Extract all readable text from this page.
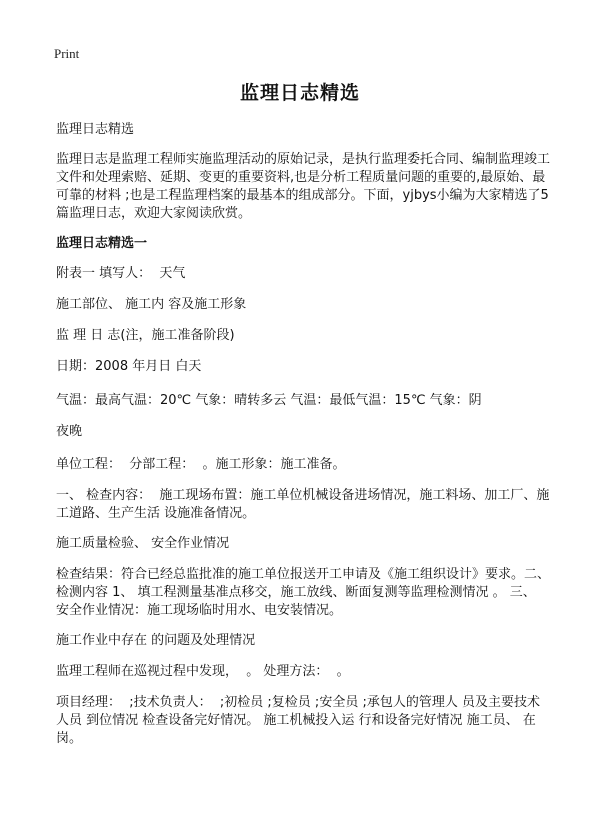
Print
监理日志精选

监理日志精选

监理日志是监理工程师实施监理活动的原始记录，是执行监理委托合同、编制监理竣工文件和处理索赔、延期、变更的重要资料,也是分析工程质量问题的重要的,最原始、最可靠的材料 ;也是工程监理档案的最基本的组成部分。下面，yjbys小编为大家精选了5篇监理日志，欢迎大家阅读欣赏。

监理日志精选一

附表一 填写人：  天气

施工部位、 施工内 容及施工形象

监 理 日 志(注，施工准备阶段)

日期：2008 年月日 白天

气温：最高气温：20℃ 气象：晴转多云 气温：最低气温：15℃ 气象：阴

夜晚

单位工程：  分部工程：  。施工形象：施工准备。

一、 检查内容：  施工现场布置：施工单位机械设备进场情况，施工料场、加工厂、施工道路、生产生活 设施准备情况。

施工质量检验、 安全作业情况

检查结果：符合已经总监批准的施工单位报送开工申请及《施工组织设计》要求。二、 检测内容 1、 填工程测量基准点移交，施工放线、断面复测等监理检测情况 。 三、 安全作业情况：施工现场临时用水、电安装情况。

施工作业中存在 的问题及处理情况

监理工程师在巡视过程中发现，  。 处理方法：  。

项目经理：  ;技术负责人：  ;初检员 ;复检员 ;安全员 ;承包人的管理人 员及主要技术人员 到位情况 检查设备完好情况。 施工机械投入运 行和设备完好情况 施工员、 在岗。
